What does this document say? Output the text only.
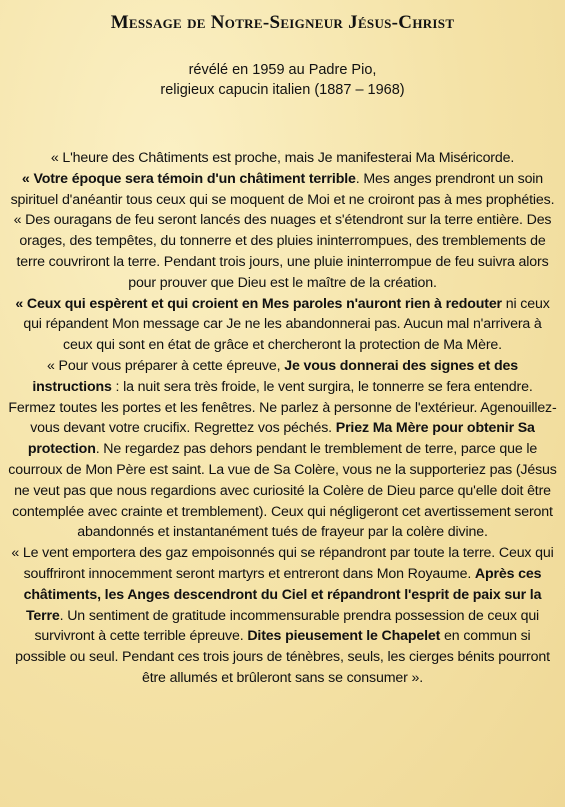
Message de Notre-Seigneur Jésus-Christ
révélé en 1959 au Padre Pio,
religieux capucin italien (1887 – 1968)

« L'heure des Châtiments est proche, mais Je manifesterai Ma Miséricorde.

« Votre époque sera témoin d'un châtiment terrible. Mes anges prendront un soin spirituel d'anéantir tous ceux qui se moquent de Moi et ne croiront pas à mes prophéties.

« Des ouragans de feu seront lancés des nuages et s'étendront sur la terre entière. Des orages, des tempêtes, du tonnerre et des pluies ininterrompues, des tremblements de terre couvriront la terre. Pendant trois jours, une pluie ininterrompue de feu suivra alors pour prouver que Dieu est le maître de la création.

« Ceux qui espèrent et qui croient en Mes paroles n'auront rien à redouter ni ceux qui répandent Mon message car Je ne les abandonnerai pas. Aucun mal n'arrivera à ceux qui sont en état de grâce et chercheront la protection de Ma Mère.

« Pour vous préparer à cette épreuve, Je vous donnerai des signes et des instructions : la nuit sera très froide, le vent surgira, le tonnerre se fera entendre. Fermez toutes les portes et les fenêtres. Ne parlez à personne de l'extérieur. Agenouillez-vous devant votre crucifix. Regrettez vos péchés. Priez Ma Mère pour obtenir Sa protection. Ne regardez pas dehors pendant le tremblement de terre, parce que le courroux de Mon Père est saint. La vue de Sa Colère, vous ne la supporteriez pas (Jésus ne veut pas que nous regardions avec curiosité la Colère de Dieu parce qu'elle doit être contemplée avec crainte et tremblement). Ceux qui négligeront cet avertissement seront abandonnés et instantanément tués de frayeur par la colère divine.

« Le vent emportera des gaz empoisonnés qui se répandront par toute la terre. Ceux qui souffriront innocemment seront martyrs et entreront dans Mon Royaume. Après ces châtiments, les Anges descendront du Ciel et répandront l'esprit de paix sur la Terre. Un sentiment de gratitude incommensurable prendra possession de ceux qui survivront à cette terrible épreuve. Dites pieusement le Chapelet en commun si possible ou seul. Pendant ces trois jours de ténèbres, seuls, les cierges bénits pourront être allumés et brûleront sans se consumer ».
